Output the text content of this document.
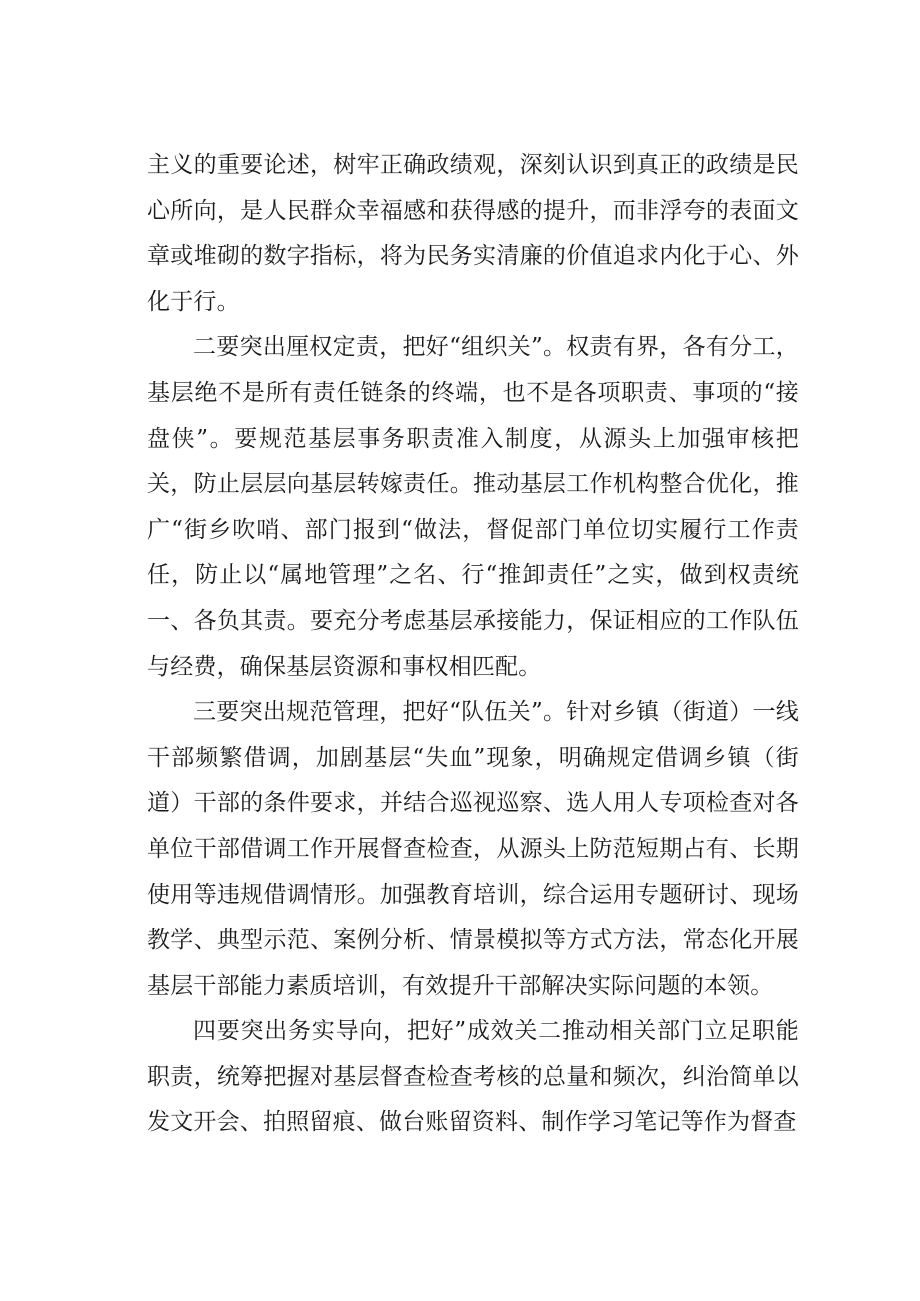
主义的重要论述，树牢正确政绩观，深刻认识到真正的政绩是民心所向，是人民群众幸福感和获得感的提升，而非浮夸的表面文章或堆砌的数字指标，将为民务实清廉的价值追求内化于心、外化于行。

二要突出厘权定责，把好“组织关”。权责有界，各有分工，基层绝不是所有责任链条的终端，也不是各项职责、事项的“接盘侠”。要规范基层事务职责准入制度，从源头上加强审核把关，防止层层向基层转嫁责任。推动基层工作机构整合优化，推广“街乡吹哨、部门报到“做法，督促部门单位切实履行工作责任，防止以“属地管理”之名、行“推卸责任”之实，做到权责统一、各负其责。要充分考虑基层承接能力，保证相应的工作队伍与经费，确保基层资源和事权相匹配。

三要突出规范管理，把好“队伍关”。针对乡镇（街道）一线干部频繁借调，加剧基层“失血”现象，明确规定借调乡镇（街道）干部的条件要求，并结合巡视巡察、选人用人专项检查对各单位干部借调工作开展督查检查，从源头上防范短期占有、长期使用等违规借调情形。加强教育培训，综合运用专题研讨、现场教学、典型示范、案例分析、情景模拟等方式方法，常态化开展基层干部能力素质培训，有效提升干部解决实际问题的本领。

四要突出务实导向，把好”成效关二推动相关部门立足职能职责，统筹把握对基层督查检查考核的总量和频次，纠治简单以发文开会、拍照留痕、做台账留资料、制作学习笔记等作为督查
